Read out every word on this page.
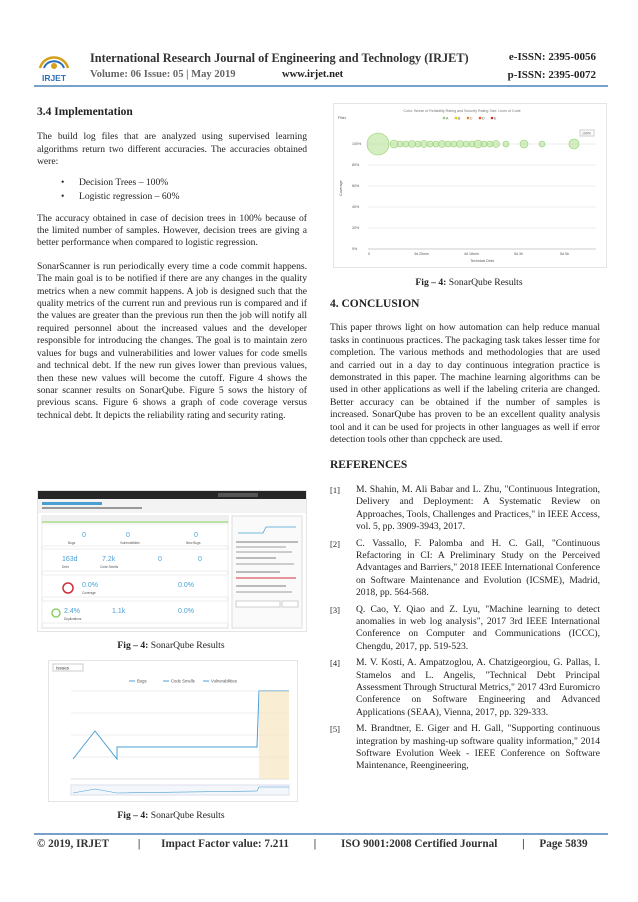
IRJET
International Research Journal of Engineering and Technology (IRJET)	e-ISSN: 2395-0056
Volume: 06 Issue: 05 | May 2019	www.irjet.net	p-ISSN: 2395-0072
3.4 Implementation

The build log files that are analyzed using supervised learning algorithms return two different accuracies. The accuracies obtained were:

• Decision Trees – 100%
• Logistic regression – 60%

The accuracy obtained in case of decision trees in 100% because of the limited number of samples. However, decision trees are giving a better performance when compared to logistic regression.

SonarScanner is run periodically every time a code commit happens. The main goal is to be notified if there are any changes in the quality metrics when a new commit happens. A job is designed such that the quality metrics of the current run and previous run is compared and if the values are greater than the previous run then the job will notify all required personnel about the increased values and the developer responsible for introducing the changes. The goal is to maintain zero values for bugs and vulnerabilities and lower values for code smells and technical debt. If the new run gives lower than previous values, then these new values will become the cutoff. Figure 4 shows the sonar scanner results on SonarQube. Figure 5 sows the history of previous scans. Figure 6 shows a graph of code coverage versus technical debt. It depicts the reliability rating and security rating.

0	0	0
Bugs	Vulnerabilities	New Bugs
163d	7.2k	0	0
Debt	Code Smells
0.0%	0.0%
Coverage
2.4%	1.1k	0.0%
Duplications
Fig – 4: SonarQube Results
Issues
Bugs	Code Smells	Vulnerabilities
Fig – 4: SonarQube Results
Color: Worse of Reliability Rating and Security Rating Size: Lines of Code
Filter	A	B	C	D	E
100%
80%
60%
40%
20%
0%
Coverage
0	3d 20min	4d 18min	5d 3h	5d 5h
Technical Debt
100%
Fig – 4: SonarQube Results
4. CONCLUSION

This paper throws light on how automation can help reduce manual tasks in continuous practices. The packaging task takes lesser time for completion. The various methods and methodologies that are used and carried out in a day to day continuous integration practice is demonstrated in this paper. The machine learning algorithms can be used in other applications as well if the labeling criteria are changed. Better accuracy can be obtained if the number of samples is increased. SonarQube has proven to be an excellent quality analysis tool and it can be used for projects in other languages as well if error detection tools other than cppcheck are used.

REFERENCES
[1] M. Shahin, M. Ali Babar and L. Zhu, "Continuous Integration, Delivery and Deployment: A Systematic Review on Approaches, Tools, Challenges and Practices," in IEEE Access, vol. 5, pp. 3909-3943, 2017.
[2] C. Vassallo, F. Palomba and H. C. Gall, "Continuous Refactoring in CI: A Preliminary Study on the Perceived Advantages and Barriers," 2018 IEEE International Conference on Software Maintenance and Evolution (ICSME), Madrid, 2018, pp. 564-568.
[3] Q. Cao, Y. Qiao and Z. Lyu, "Machine learning to detect anomalies in web log analysis", 2017 3rd IEEE International Conference on Computer and Communications (ICCC), Chengdu, 2017, pp. 519-523.
[4] M. V. Kosti, A. Ampatzoglou, A. Chatzigeorgiou, G. Pallas, I. Stamelos and L. Angelis, "Technical Debt Principal Assessment Through Structural Metrics," 2017 43rd Euromicro Conference on Software Engineering and Advanced Applications (SEAA), Vienna, 2017, pp. 329-333.
[5] M. Brandtner, E. Giger and H. Gall, "Supporting continuous integration by mashing-up software quality information," 2014 Software Evolution Week - IEEE Conference on Software Maintenance, Reengineering,
© 2019, IRJET	| Impact Factor value: 7.211 | ISO 9001:2008 Certified Journal | Page 5839
